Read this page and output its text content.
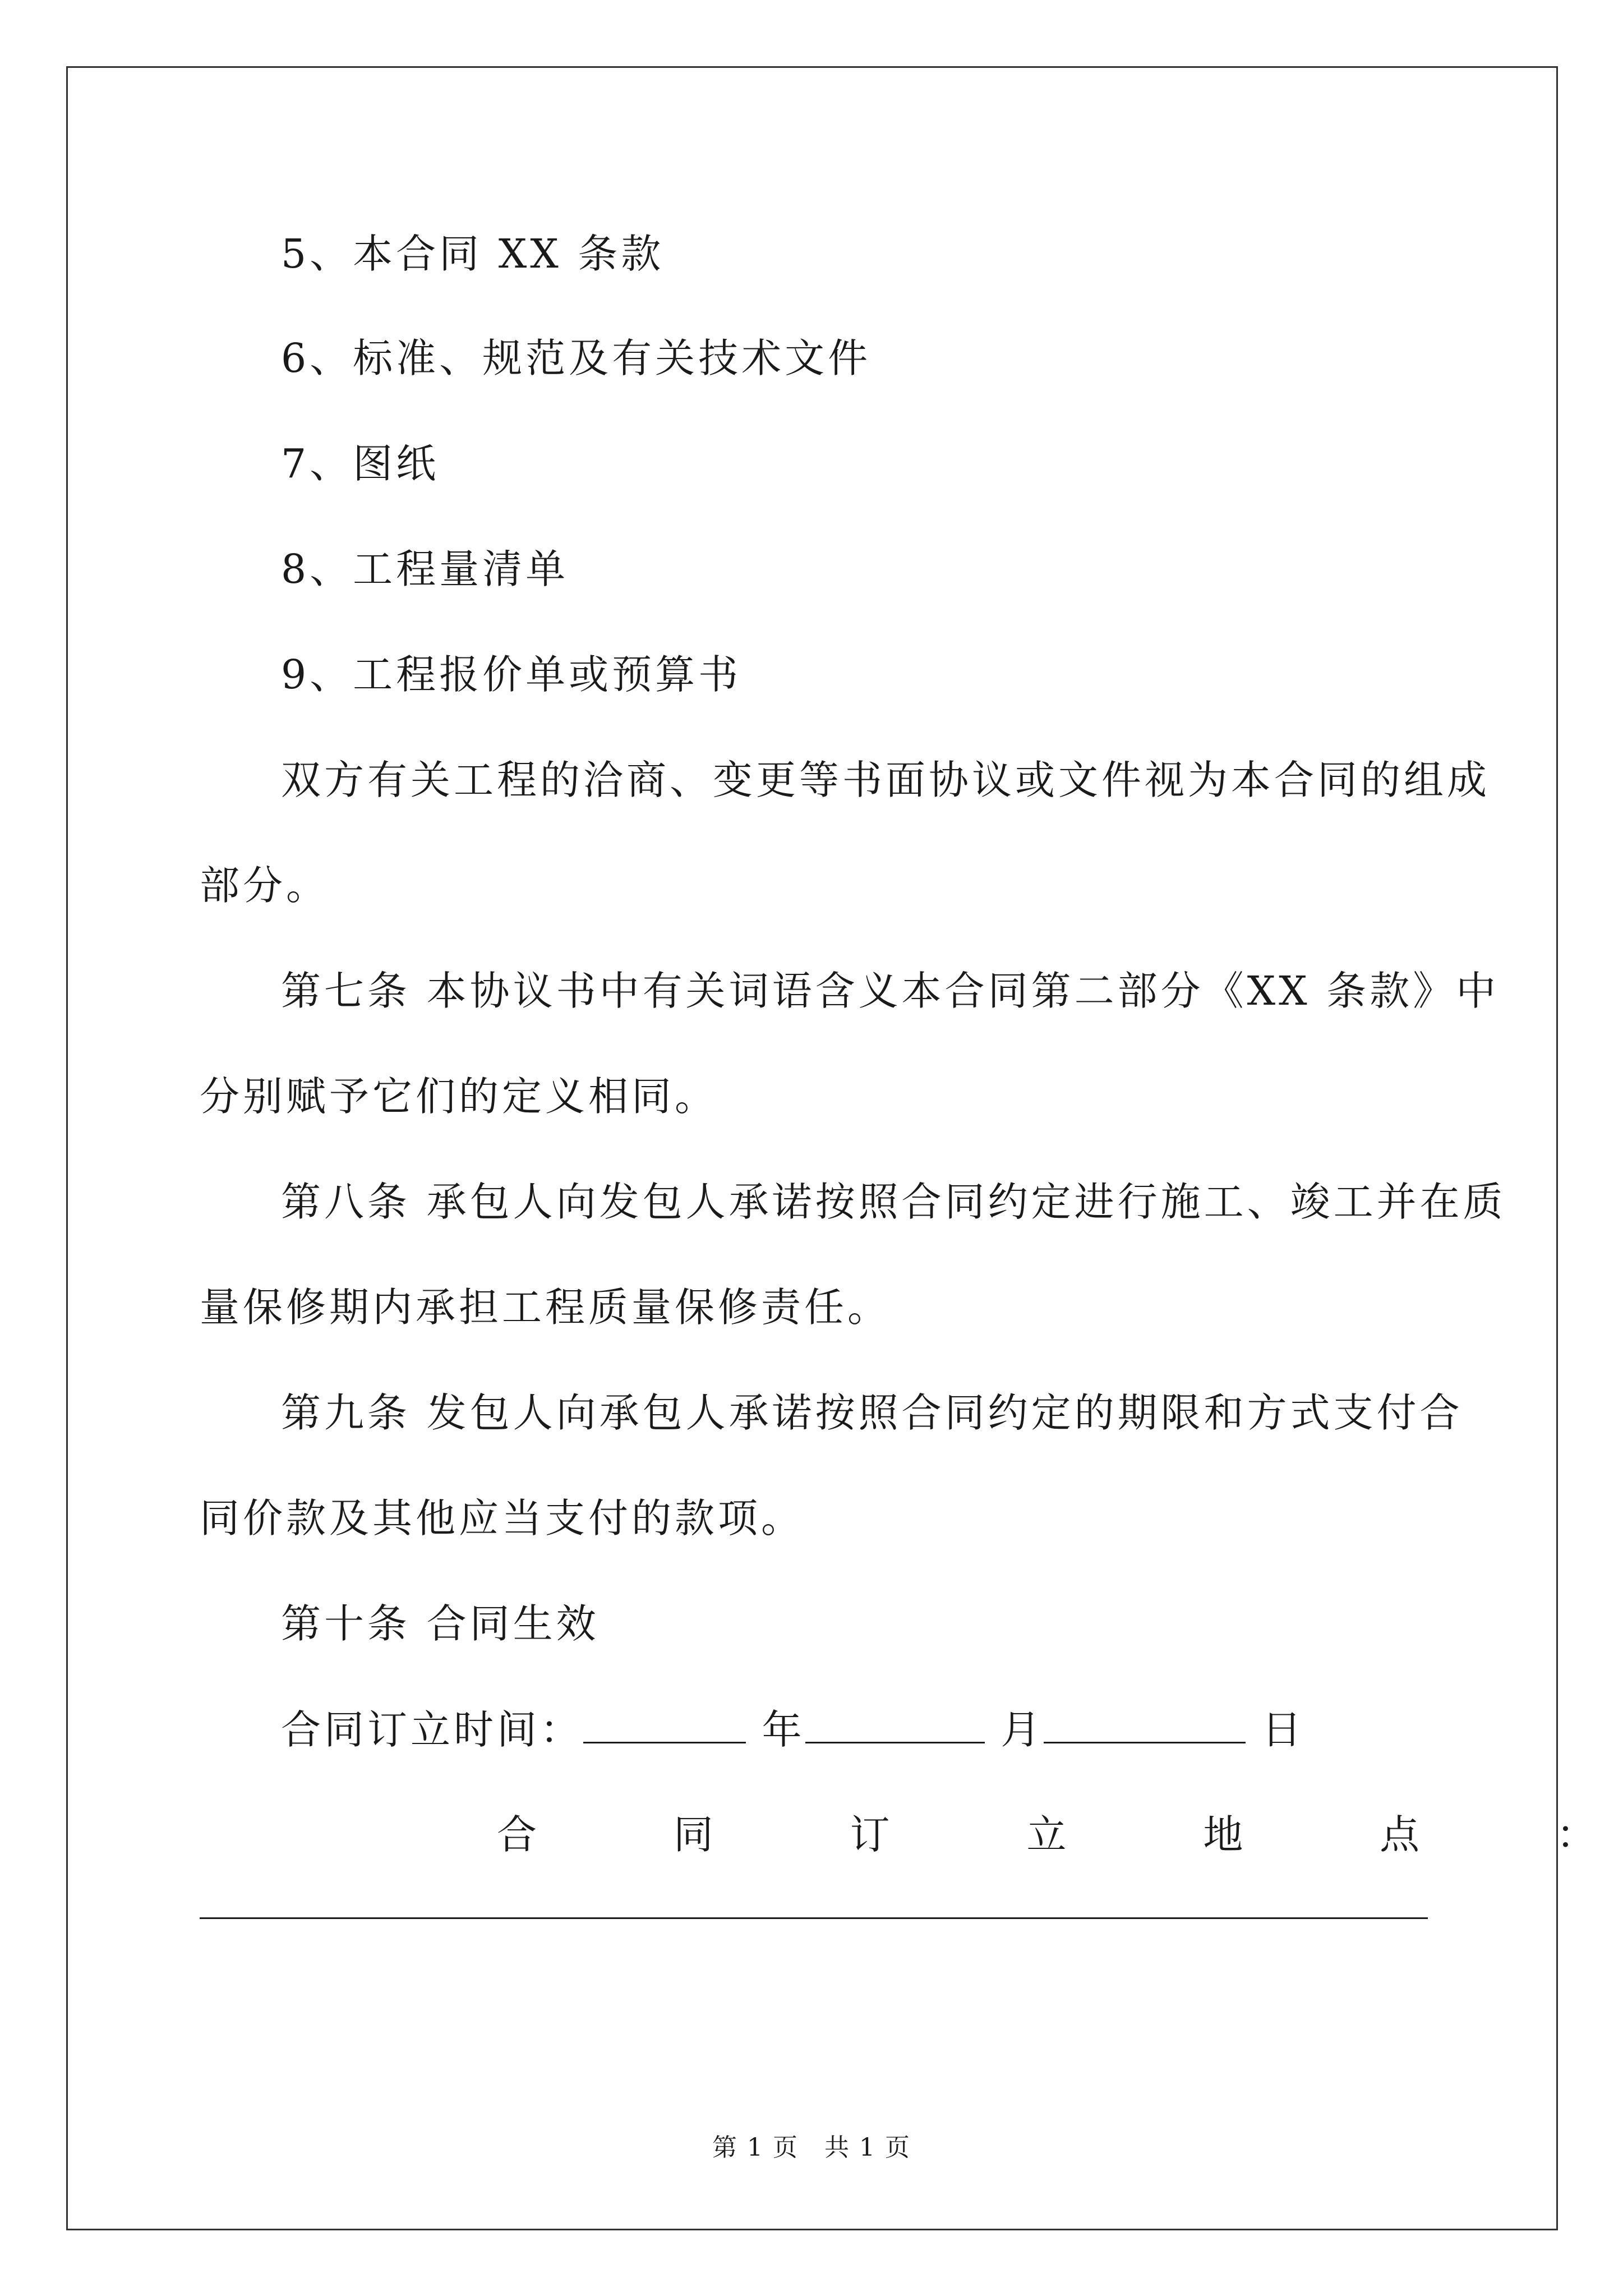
5、本合同 XX 条款
6、标准、规范及有关技术文件
7、图纸
8、工程量清单
9、工程报价单或预算书
双方有关工程的洽商、变更等书面协议或文件视为本合同的组成
部分。
第七条 本协议书中有关词语含义本合同第二部分《XX 条款》中
分别赋予它们的定义相同。
第八条 承包人向发包人承诺按照合同约定进行施工、竣工并在质
量保修期内承担工程质量保修责任。
第九条 发包人向承包人承诺按照合同约定的期限和方式支付合
同价款及其他应当支付的款项。
第十条 合同生效
合同订立时间：	年	月	日
合	同	订	立	地	点	：
第 1 页　共 1 页
